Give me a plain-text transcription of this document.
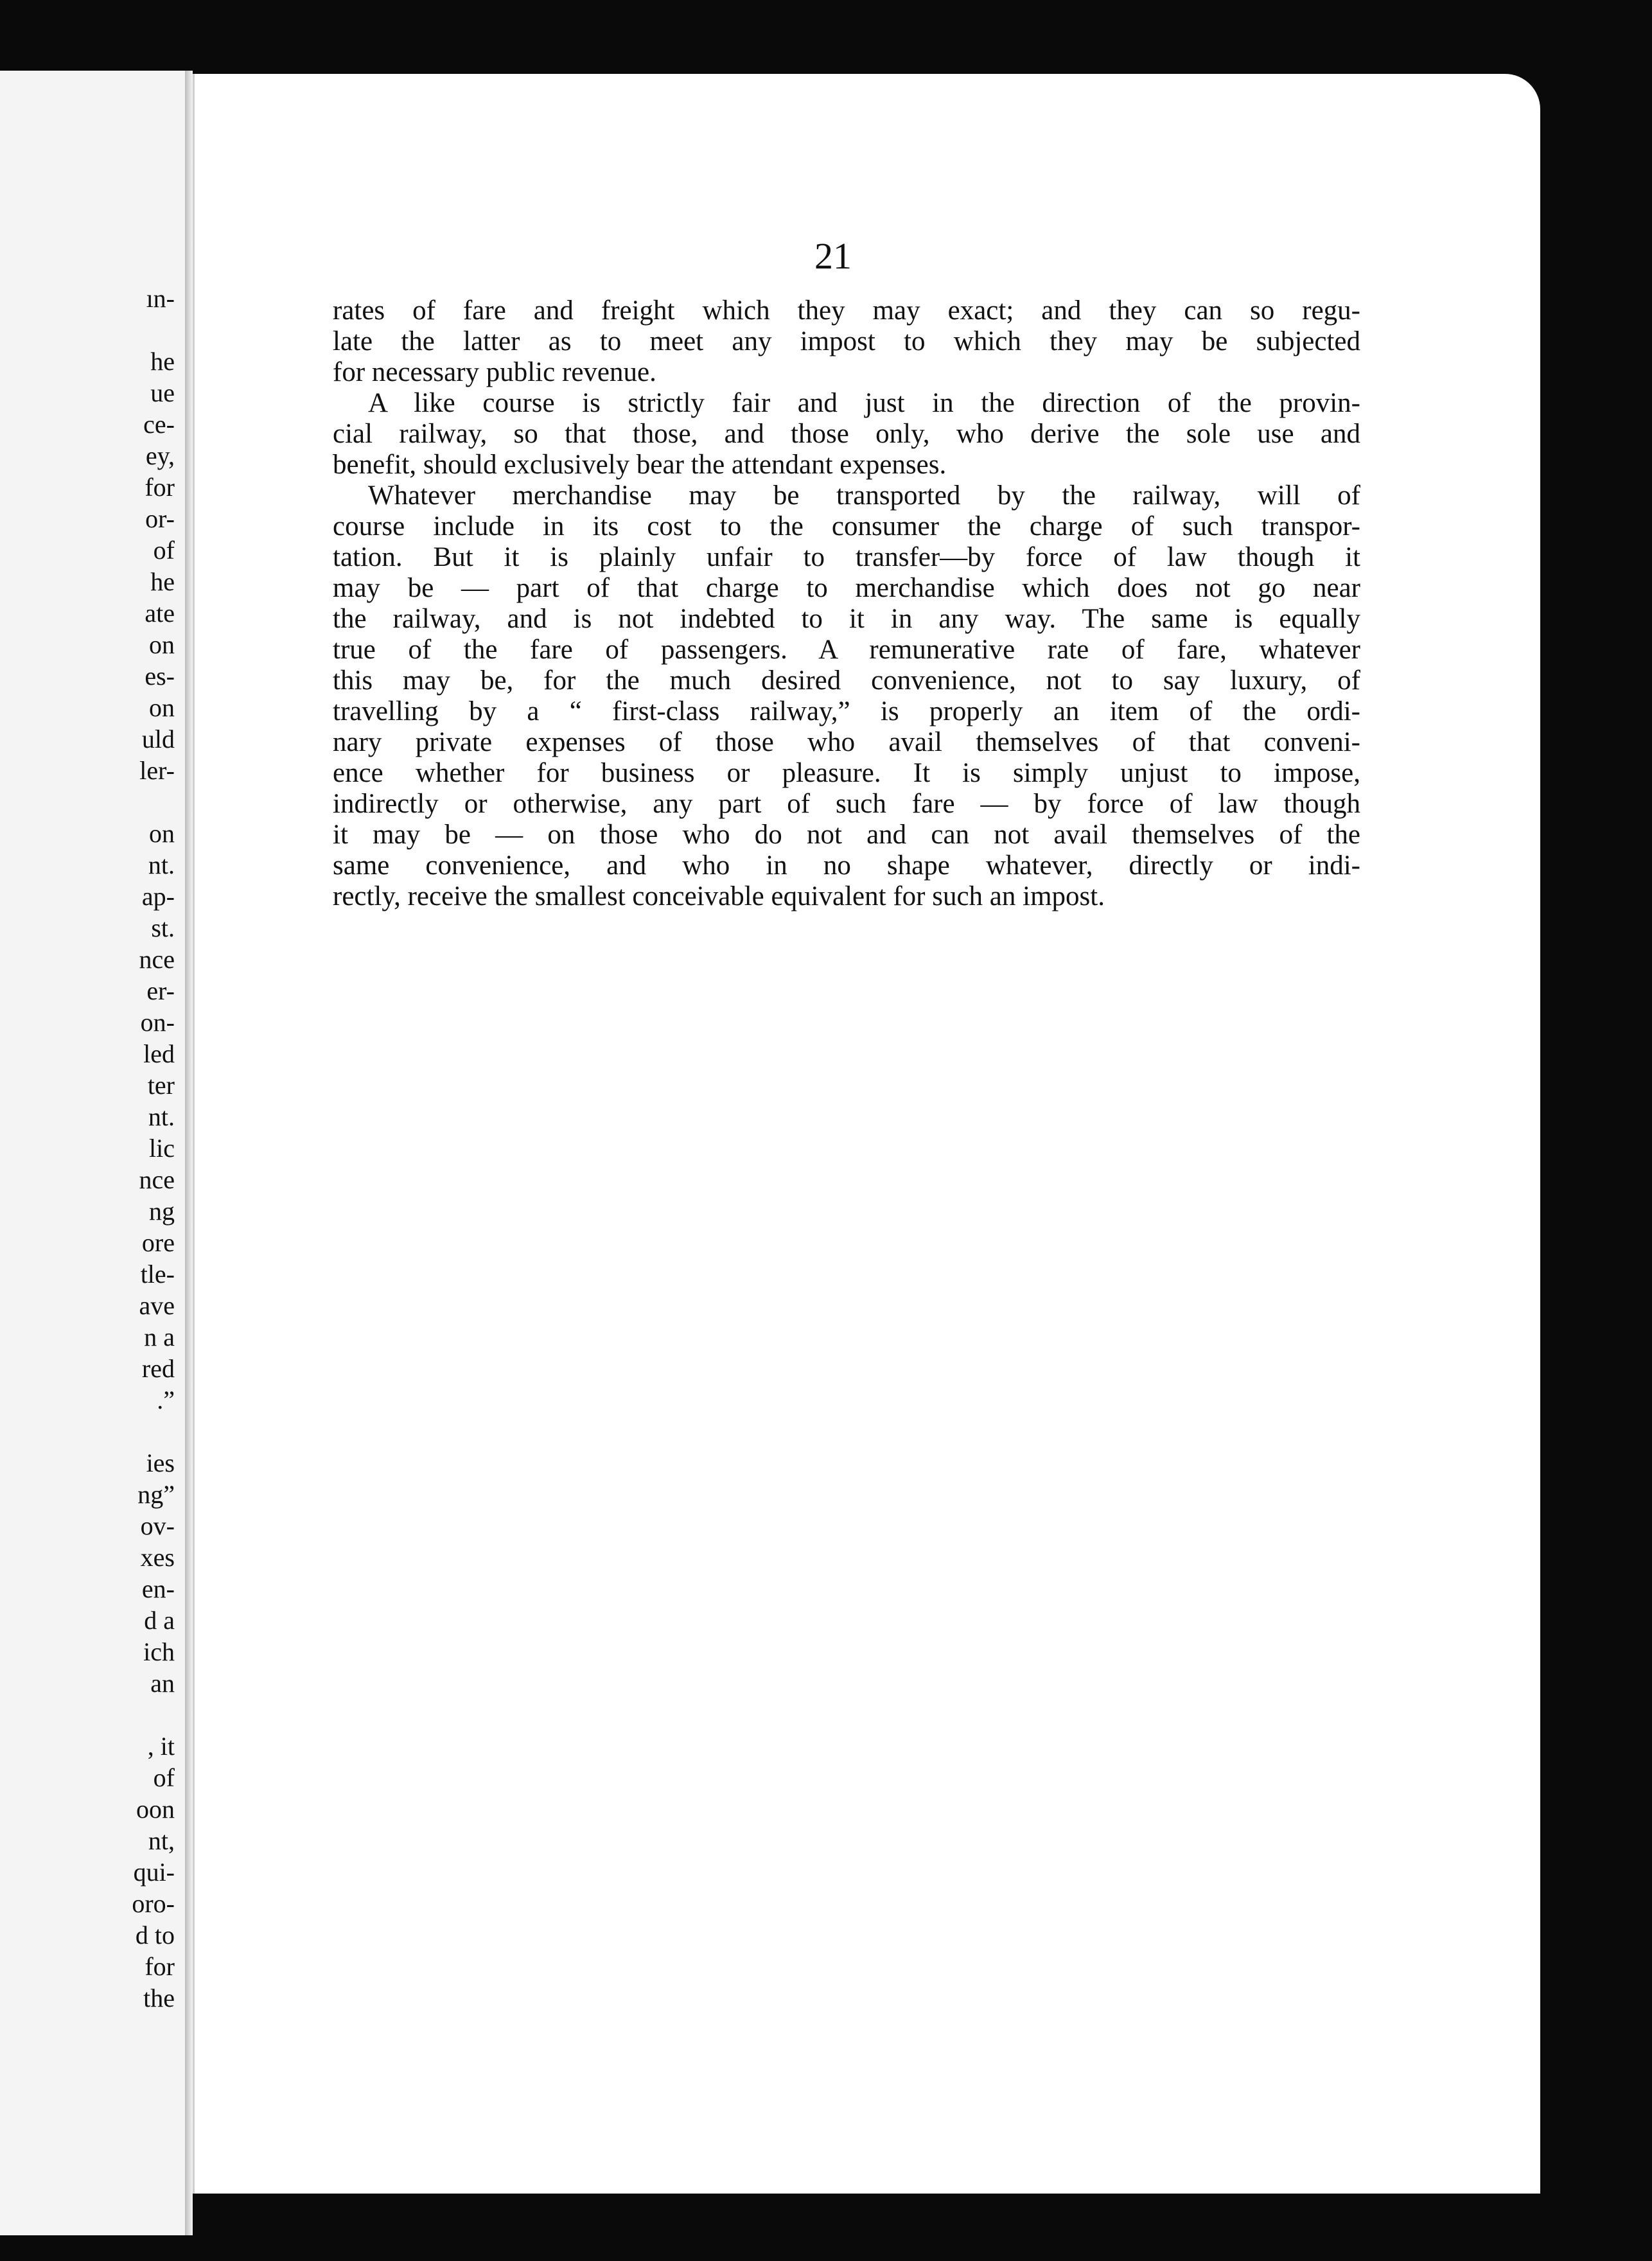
ın-
he
ue
ce-
ey,
for
or-
of
he
ate
on
es-
on
uld
ler-
on
nt.
ap-
st.
nce
er-
on-
led
ter
nt.
lic
nce
ng
ore
tle-
ave
n a
red
.”
ies
ng”
ov-
xes
en-
d a
ich
an
, it
of
oon
nt,
qui-
oro-
d to
for
the
21

rates of fare and freight which they may exact; and they can so regu-
late the latter as to meet any impost to which they may be subjected
for necessary public revenue.

A like course is strictly fair and just in the direction of the provin-
cial railway, so that those, and those only, who derive the sole use and
benefit, should exclusively bear the attendant expenses.

Whatever merchandise may be transported by the railway, will of
course include in its cost to the consumer the charge of such transpor-
tation. But it is plainly unfair to transfer—by force of law though it
may be — part of that charge to merchandise which does not go near
the railway, and is not indebted to it in any way. The same is equally
true of the fare of passengers. A remunerative rate of fare, whatever
this may be, for the much desired convenience, not to say luxury, of
travelling by a “ first-class railway,” is properly an item of the ordi-
nary private expenses of those who avail themselves of that conveni-
ence whether for business or pleasure. It is simply unjust to impose,
indirectly or otherwise, any part of such fare — by force of law though
it may be — on those who do not and can not avail themselves of the
same convenience, and who in no shape whatever, directly or indi-
rectly, receive the smallest conceivable equivalent for such an impost.
